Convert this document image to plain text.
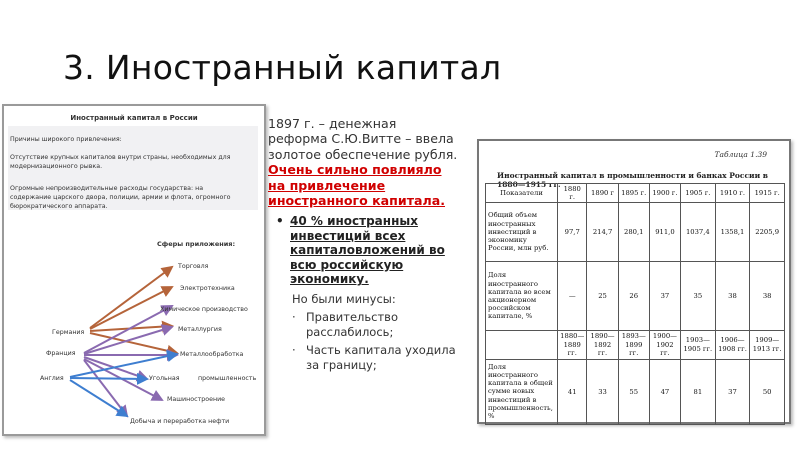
3. Иностранный капитал
Иностранный капитал в России
Причины широкого привлечения:
Отсутствие крупных капиталов внутри страны, необходимых для
модернизационного рывка.
Огромные непроизводительные расходы государства: на
содержание царского двора, полиции, армии и флота, огромного
бюрократического аппарата.
Сферы приложения:
Германия
Франция
Англия
Торговля
Электротехника
Химическое производство
Металлургия
Металлообработка
Угольная	промышленность
Машиностроение
Добыча и переработка нефти
1897 г. – денежная реформа С.Ю.Витте – ввела золотое обеспечение рубля.
Очень сильно повлияло на привлечение иностранного капитала.
• 40 % иностранных инвестиций всех капиталовложений во всю российскую экономику.
Но были минусы:
· Правительство расслабилось;
· Часть капитала уходила за границу;
Таблица 1.39
Иностранный капитал в промышленности и банках России в 1880—1915 гг.
Показатели	1880 г.	1890 г	1895 г.	1900 г.	1905 г.	1910 г.	1915 г.
Общий объем иностранных инвестиций в экономику России, млн руб.	97,7	214,7	280,1	911,0	1037,4	1358,1	2205,9
Доля иностранного капитала во всем акционерном российском капитале, %	—	25	26	37	35	38	38
	1880—1889 гг.	1890—1892 гг.	1893—1899 гг.	1900—1902 гг.	1903—1905 гг.	1906—1908 гг.	1909—1913 гг.
Доля иностранного капитала в общей сумме новых инвестиций в промышленность, %	41	33	55	47	81	37	50
